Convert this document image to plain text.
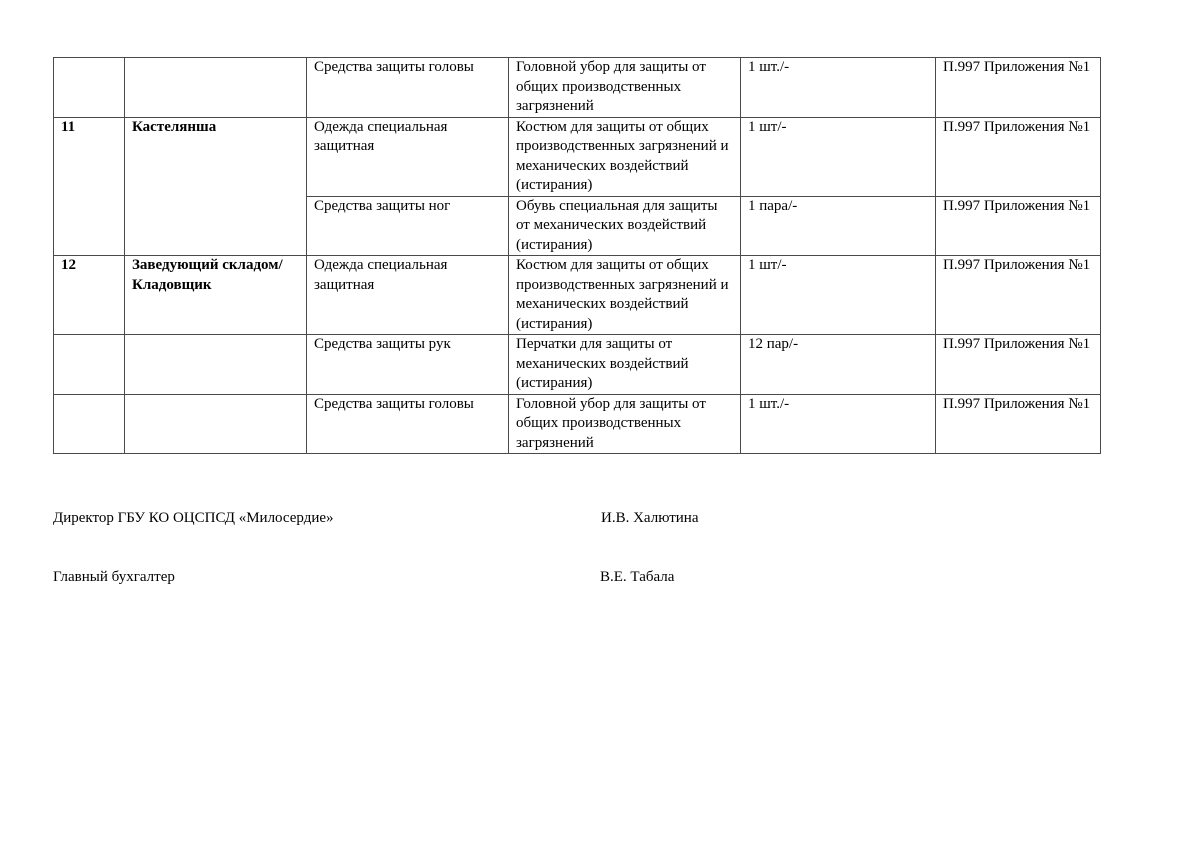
		Средства защиты головы	Головной убор для защиты от общих производственных загрязнений	1 шт./-	П.997 Приложения №1
11	Кастелянша	Одежда специальная защитная	Костюм для защиты от общих производственных загрязнений и механических воздействий (истирания)	1 шт/-	П.997 Приложения №1
		Средства защиты ног	Обувь специальная для защиты от механических воздействий (истирания)	1 пара/-	П.997 Приложения №1
12	Заведующий складом/Кладовщик	Одежда специальная защитная	Костюм для защиты от общих производственных загрязнений и механических воздействий (истирания)	1 шт/-	П.997 Приложения №1
		Средства защиты рук	Перчатки для защиты от механических воздействий (истирания)	12 пар/-	П.997 Приложения №1
		Средства защиты головы	Головной убор для защиты от общих производственных загрязнений	1 шт./-	П.997 Приложения №1
Директор ГБУ КО ОЦСПСД «Милосердие»	И.В. Халютина
Главный бухгалтер	В.Е. Табала
